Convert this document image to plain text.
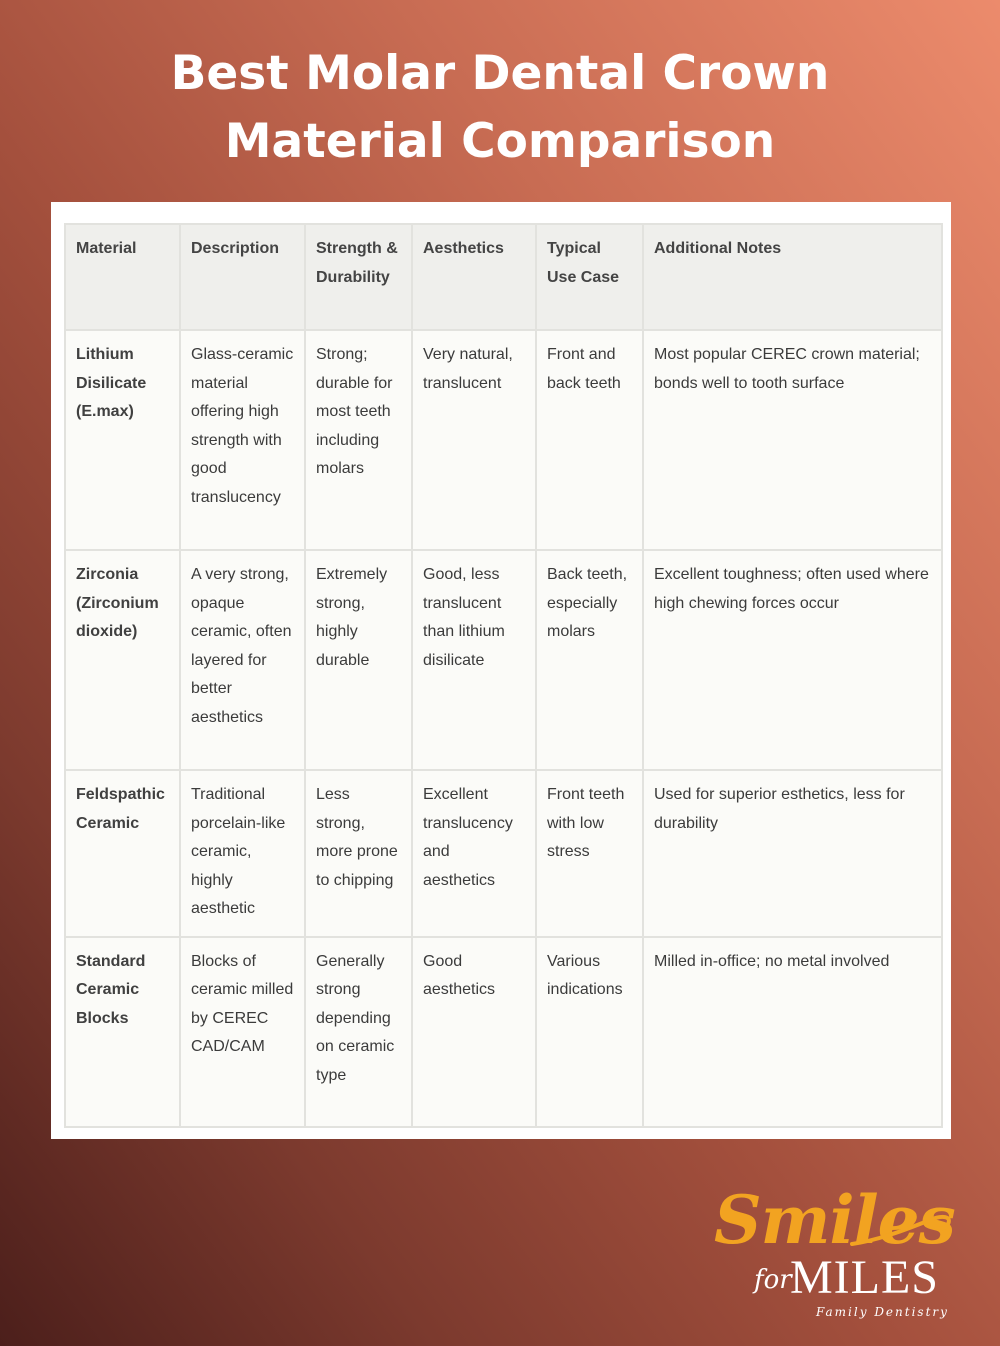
Best Molar Dental Crown
Material Comparison
Material	Description	Strength & Durability	Aesthetics	Typical Use Case	Additional Notes
Lithium Disilicate (E.max)	Glass-ceramic material offering high strength with good translucency	Strong; durable for most teeth including molars	Very natural, translucent	Front and back teeth	Most popular CEREC crown material; bonds well to tooth surface
Zirconia (Zirconium dioxide)	A very strong, opaque ceramic, often layered for better aesthetics	Extremely strong, highly durable	Good, less translucent than lithium disilicate	Back teeth, especially molars	Excellent toughness; often used where high chewing forces occur
Feldspathic Ceramic	Traditional porcelain-like ceramic, highly aesthetic	Less strong, more prone to chipping	Excellent translucency and aesthetics	Front teeth with low stress	Used for superior esthetics, less for durability
Standard Ceramic Blocks	Blocks of ceramic milled by CEREC CAD/CAM	Generally strong depending on ceramic type	Good aesthetics	Various indications	Milled in-office; no metal involved
Smiles
for
MILES
Family Dentistry
